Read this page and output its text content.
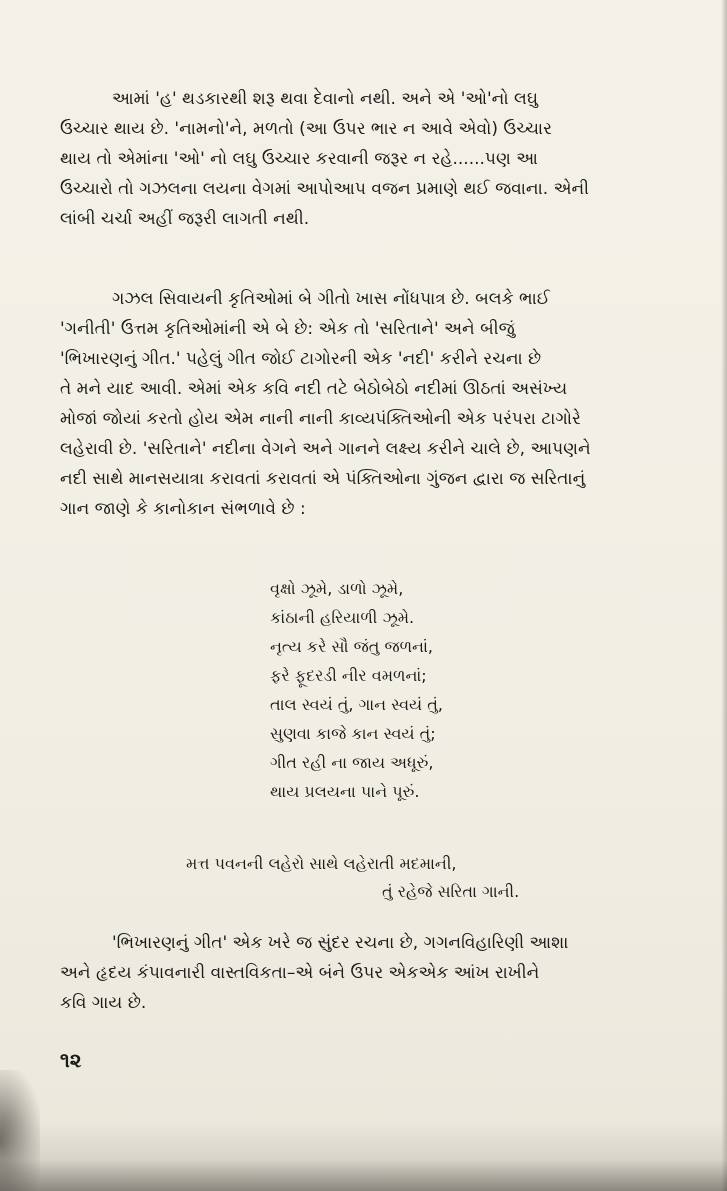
આમાં 'હ' થડકારથી શરૂ થવા દેવાનો નથી. અને એ 'ઓ'નો લઘુ
ઉચ્ચાર થાય છે. 'નામનો'ને, મળતો (આ ઉપર ભાર ન આવે એવો) ઉચ્ચાર
થાય તો એમાંના 'ઓ' નો લઘુ ઉચ્ચાર કરવાની જરૂર ન રહે......પણ આ
ઉચ્ચારો તો ગઝલના લયના વેગમાં આપોઆપ વજન પ્રમાણે થઈ જવાના. એની
લાંબી ચર્ચા અહીં જરૂરી લાગતી નથી.
ગઝલ સિવાયની કૃતિઓમાં બે ગીતો ખાસ નોંધપાત્ર છે. બલકે ભાઈ
'ગનીતી' ઉત્તમ કૃતિઓમાંની એ બે છે: એક તો 'સરિતાને' અને બીજું
'ભિખારણનું ગીત.' પહેલું ગીત જોઈ ટાગોરની એક 'નદી' કરીને રચના છે
તે મને યાદ આવી. એમાં એક કવિ નદી તટે બેઠોબેઠો નદીમાં ઊઠતાં અસંખ્ય
મોજાં જોયાં કરતો હોય એમ નાની નાની કાવ્યપંક્તિઓની એક પરંપરા ટાગોરે
લહેરાવી છે. 'સરિતાને' નદીના વેગને અને ગાનને લક્ષ્ય કરીને ચાલે છે, આપણને
નદી સાથે માનસયાત્રા કરાવતાં કરાવતાં એ પંક્તિઓના ગુંજન દ્વારા જ સરિતાનું
ગાન જાણે કે કાનોકાન સંભળાવે છે :
વૃક્ષો ઝૂમે, ડાળો ઝૂમે,
કાંઠાની હરિયાળી ઝૂમે.
નૃત્ય કરે સૌ જંતુ જળનાં,
ફરે ફૂદરડી નીર વમળનાં;
તાલ સ્વયં તું, ગાન સ્વયં તું,
સુણવા કાજે કાન સ્વયં તું;
ગીત રહી ના જાય અધૂરું,
થાય પ્રલયના પાને પૂરું.
મત્ત પવનની લહેરો સાથે લહેરાતી મદમાની,
તું રહેજે સરિતા ગાની.
'ભિખારણનું ગીત' એક ખરે જ સુંદર રચના છે, ગગનવિહારિણી આશા
અને હૃદય કંપાવનારી વાસ્તવિકતા–એ બંને ઉપર એકએક આંખ રાખીને
કવિ ગાય છે.
૧૨
